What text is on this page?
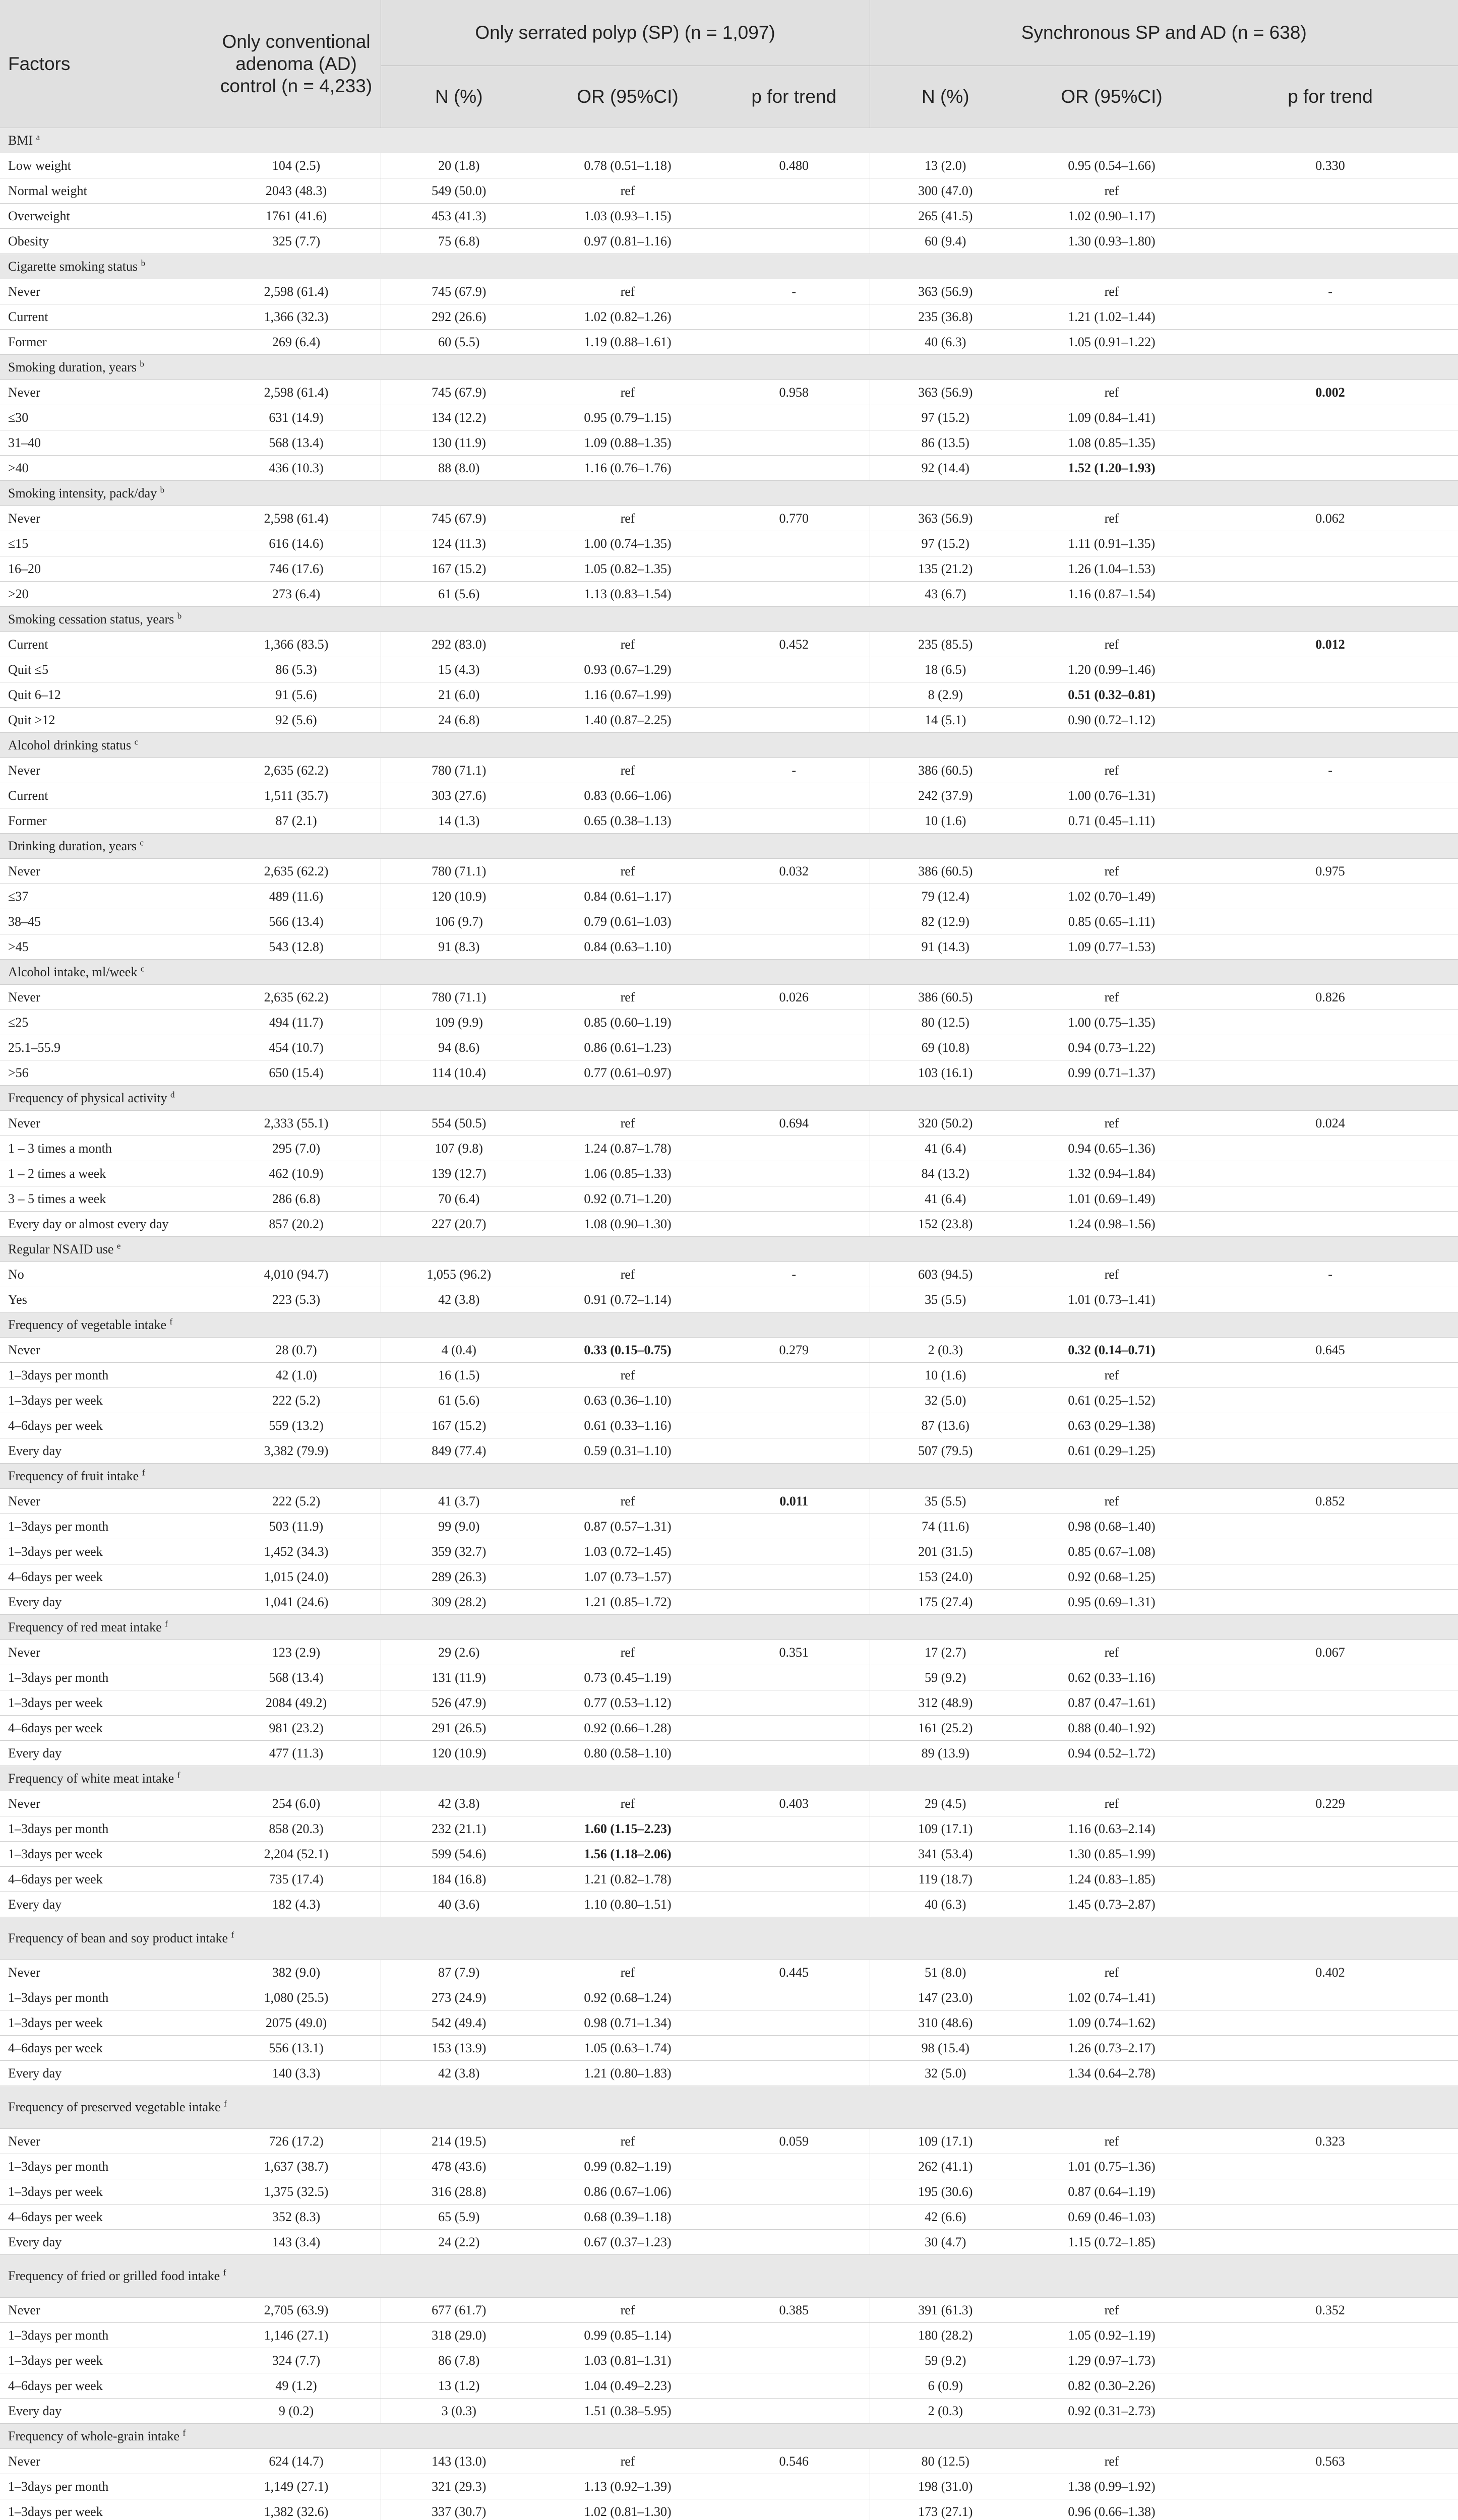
Factors	Only conventional adenoma (AD) control (n = 4,233)	Only serrated polyp (SP) (n = 1,097)			Synchronous SP and AD (n = 638)		
		N (%)	OR (95%CI)	p for trend	N (%)	OR (95%CI)	p for trend
BMI $^a$
Low weight	104 (2.5)	20 (1.8)	0.78 (0.51–1.18)	0.480	13 (2.0)	0.95 (0.54–1.66)	0.330
Normal weight	2043 (48.3)	549 (50.0)	ref		300 (47.0)	ref	
Overweight	1761 (41.6)	453 (41.3)	1.03 (0.93–1.15)		265 (41.5)	1.02 (0.90–1.17)	
Obesity	325 (7.7)	75 (6.8)	0.97 (0.81–1.16)		60 (9.4)	1.30 (0.93–1.80)	
Cigarette smoking status $^b$
Never	2,598 (61.4)	745 (67.9)	ref	-	363 (56.9)	ref	-
Current	1,366 (32.3)	292 (26.6)	1.02 (0.82–1.26)		235 (36.8)	1.21 (1.02–1.44)	
Former	269 (6.4)	60 (5.5)	1.19 (0.88–1.61)		40 (6.3)	1.05 (0.91–1.22)	
Smoking duration, years $^b$
Never	2,598 (61.4)	745 (67.9)	ref	0.958	363 (56.9)	ref	0.002
≤30	631 (14.9)	134 (12.2)	0.95 (0.79–1.15)		97 (15.2)	1.09 (0.84–1.41)	
31–40	568 (13.4)	130 (11.9)	1.09 (0.88–1.35)		86 (13.5)	1.08 (0.85–1.35)	
>40	436 (10.3)	88 (8.0)	1.16 (0.76–1.76)		92 (14.4)	1.52 (1.20–1.93)	
Smoking intensity, pack/day $^b$
Never	2,598 (61.4)	745 (67.9)	ref	0.770	363 (56.9)	ref	0.062
≤15	616 (14.6)	124 (11.3)	1.00 (0.74–1.35)		97 (15.2)	1.11 (0.91–1.35)	
16–20	746 (17.6)	167 (15.2)	1.05 (0.82–1.35)		135 (21.2)	1.26 (1.04–1.53)	
>20	273 (6.4)	61 (5.6)	1.13 (0.83–1.54)		43 (6.7)	1.16 (0.87–1.54)	
Smoking cessation status, years $^b$
Current	1,366 (83.5)	292 (83.0)	ref	0.452	235 (85.5)	ref	0.012
Quit ≤5	86 (5.3)	15 (4.3)	0.93 (0.67–1.29)		18 (6.5)	1.20 (0.99–1.46)	
Quit 6–12	91 (5.6)	21 (6.0)	1.16 (0.67–1.99)		8 (2.9)	0.51 (0.32–0.81)	
Quit >12	92 (5.6)	24 (6.8)	1.40 (0.87–2.25)		14 (5.1)	0.90 (0.72–1.12)	
Alcohol drinking status $^c$
Never	2,635 (62.2)	780 (71.1)	ref	-	386 (60.5)	ref	-
Current	1,511 (35.7)	303 (27.6)	0.83 (0.66–1.06)		242 (37.9)	1.00 (0.76–1.31)	
Former	87 (2.1)	14 (1.3)	0.65 (0.38–1.13)		10 (1.6)	0.71 (0.45–1.11)	
Drinking duration, years $^c$
Never	2,635 (62.2)	780 (71.1)	ref	0.032	386 (60.5)	ref	0.975
≤37	489 (11.6)	120 (10.9)	0.84 (0.61–1.17)		79 (12.4)	1.02 (0.70–1.49)	
38–45	566 (13.4)	106 (9.7)	0.79 (0.61–1.03)		82 (12.9)	0.85 (0.65–1.11)	
>45	543 (12.8)	91 (8.3)	0.84 (0.63–1.10)		91 (14.3)	1.09 (0.77–1.53)	
Alcohol intake, ml/week $^c$
Never	2,635 (62.2)	780 (71.1)	ref	0.026	386 (60.5)	ref	0.826
≤25	494 (11.7)	109 (9.9)	0.85 (0.60–1.19)		80 (12.5)	1.00 (0.75–1.35)	
25.1–55.9	454 (10.7)	94 (8.6)	0.86 (0.61–1.23)		69 (10.8)	0.94 (0.73–1.22)	
>56	650 (15.4)	114 (10.4)	0.77 (0.61–0.97)		103 (16.1)	0.99 (0.71–1.37)	
Frequency of physical activity $^d$
Never	2,333 (55.1)	554 (50.5)	ref	0.694	320 (50.2)	ref	0.024
1 – 3 times a month	295 (7.0)	107 (9.8)	1.24 (0.87–1.78)		41 (6.4)	0.94 (0.65–1.36)	
1 – 2 times a week	462 (10.9)	139 (12.7)	1.06 (0.85–1.33)		84 (13.2)	1.32 (0.94–1.84)	
3 – 5 times a week	286 (6.8)	70 (6.4)	0.92 (0.71–1.20)		41 (6.4)	1.01 (0.69–1.49)	
Every day or almost every day	857 (20.2)	227 (20.7)	1.08 (0.90–1.30)		152 (23.8)	1.24 (0.98–1.56)	
Regular NSAID use $^e$
No	4,010 (94.7)	1,055 (96.2)	ref	-	603 (94.5)	ref	-
Yes	223 (5.3)	42 (3.8)	0.91 (0.72–1.14)		35 (5.5)	1.01 (0.73–1.41)	
Frequency of vegetable intake $^f$
Never	28 (0.7)	4 (0.4)	0.33 (0.15–0.75)	0.279	2 (0.3)	0.32 (0.14–0.71)	0.645
1–3days per month	42 (1.0)	16 (1.5)	ref		10 (1.6)	ref	
1–3days per week	222 (5.2)	61 (5.6)	0.63 (0.36–1.10)		32 (5.0)	0.61 (0.25–1.52)	
4–6days per week	559 (13.2)	167 (15.2)	0.61 (0.33–1.16)		87 (13.6)	0.63 (0.29–1.38)	
Every day	3,382 (79.9)	849 (77.4)	0.59 (0.31–1.10)		507 (79.5)	0.61 (0.29–1.25)	
Frequency of fruit intake $^f$
Never	222 (5.2)	41 (3.7)	ref	0.011	35 (5.5)	ref	0.852
1–3days per month	503 (11.9)	99 (9.0)	0.87 (0.57–1.31)		74 (11.6)	0.98 (0.68–1.40)	
1–3days per week	1,452 (34.3)	359 (32.7)	1.03 (0.72–1.45)		201 (31.5)	0.85 (0.67–1.08)	
4–6days per week	1,015 (24.0)	289 (26.3)	1.07 (0.73–1.57)		153 (24.0)	0.92 (0.68–1.25)	
Every day	1,041 (24.6)	309 (28.2)	1.21 (0.85–1.72)		175 (27.4)	0.95 (0.69–1.31)	
Frequency of red meat intake $^f$
Never	123 (2.9)	29 (2.6)	ref	0.351	17 (2.7)	ref	0.067
1–3days per month	568 (13.4)	131 (11.9)	0.73 (0.45–1.19)		59 (9.2)	0.62 (0.33–1.16)	
1–3days per week	2084 (49.2)	526 (47.9)	0.77 (0.53–1.12)		312 (48.9)	0.87 (0.47–1.61)	
4–6days per week	981 (23.2)	291 (26.5)	0.92 (0.66–1.28)		161 (25.2)	0.88 (0.40–1.92)	
Every day	477 (11.3)	120 (10.9)	0.80 (0.58–1.10)		89 (13.9)	0.94 (0.52–1.72)	
Frequency of white meat intake $^f$
Never	254 (6.0)	42 (3.8)	ref	0.403	29 (4.5)	ref	0.229
1–3days per month	858 (20.3)	232 (21.1)	1.60 (1.15–2.23)		109 (17.1)	1.16 (0.63–2.14)	
1–3days per week	2,204 (52.1)	599 (54.6)	1.56 (1.18–2.06)		341 (53.4)	1.30 (0.85–1.99)	
4–6days per week	735 (17.4)	184 (16.8)	1.21 (0.82–1.78)		119 (18.7)	1.24 (0.83–1.85)	
Every day	182 (4.3)	40 (3.6)	1.10 (0.80–1.51)		40 (6.3)	1.45 (0.73–2.87)	
Frequency of bean and soy product intake $^f$
Never	382 (9.0)	87 (7.9)	ref	0.445	51 (8.0)	ref	0.402
1–3days per month	1,080 (25.5)	273 (24.9)	0.92 (0.68–1.24)		147 (23.0)	1.02 (0.74–1.41)	
1–3days per week	2075 (49.0)	542 (49.4)	0.98 (0.71–1.34)		310 (48.6)	1.09 (0.74–1.62)	
4–6days per week	556 (13.1)	153 (13.9)	1.05 (0.63–1.74)		98 (15.4)	1.26 (0.73–2.17)	
Every day	140 (3.3)	42 (3.8)	1.21 (0.80–1.83)		32 (5.0)	1.34 (0.64–2.78)	
Frequency of preserved vegetable intake $^f$
Never	726 (17.2)	214 (19.5)	ref	0.059	109 (17.1)	ref	0.323
1–3days per month	1,637 (38.7)	478 (43.6)	0.99 (0.82–1.19)		262 (41.1)	1.01 (0.75–1.36)	
1–3days per week	1,375 (32.5)	316 (28.8)	0.86 (0.67–1.06)		195 (30.6)	0.87 (0.64–1.19)	
4–6days per week	352 (8.3)	65 (5.9)	0.68 (0.39–1.18)		42 (6.6)	0.69 (0.46–1.03)	
Every day	143 (3.4)	24 (2.2)	0.67 (0.37–1.23)		30 (4.7)	1.15 (0.72–1.85)	
Frequency of fried or grilled food intake $^f$
Never	2,705 (63.9)	677 (61.7)	ref	0.385	391 (61.3)	ref	0.352
1–3days per month	1,146 (27.1)	318 (29.0)	0.99 (0.85–1.14)		180 (28.2)	1.05 (0.92–1.19)	
1–3days per week	324 (7.7)	86 (7.8)	1.03 (0.81–1.31)		59 (9.2)	1.29 (0.97–1.73)	
4–6days per week	49 (1.2)	13 (1.2)	1.04 (0.49–2.23)		6 (0.9)	0.82 (0.30–2.26)	
Every day	9 (0.2)	3 (0.3)	1.51 (0.38–5.95)		2 (0.3)	0.92 (0.31–2.73)	
Frequency of whole-grain intake $^f$
Never	624 (14.7)	143 (13.0)	ref	0.546	80 (12.5)	ref	0.563
1–3days per month	1,149 (27.1)	321 (29.3)	1.13 (0.92–1.39)		198 (31.0)	1.38 (0.99–1.92)	
1–3days per week	1,382 (32.6)	337 (30.7)	1.02 (0.81–1.30)		173 (27.1)	0.96 (0.66–1.38)	
